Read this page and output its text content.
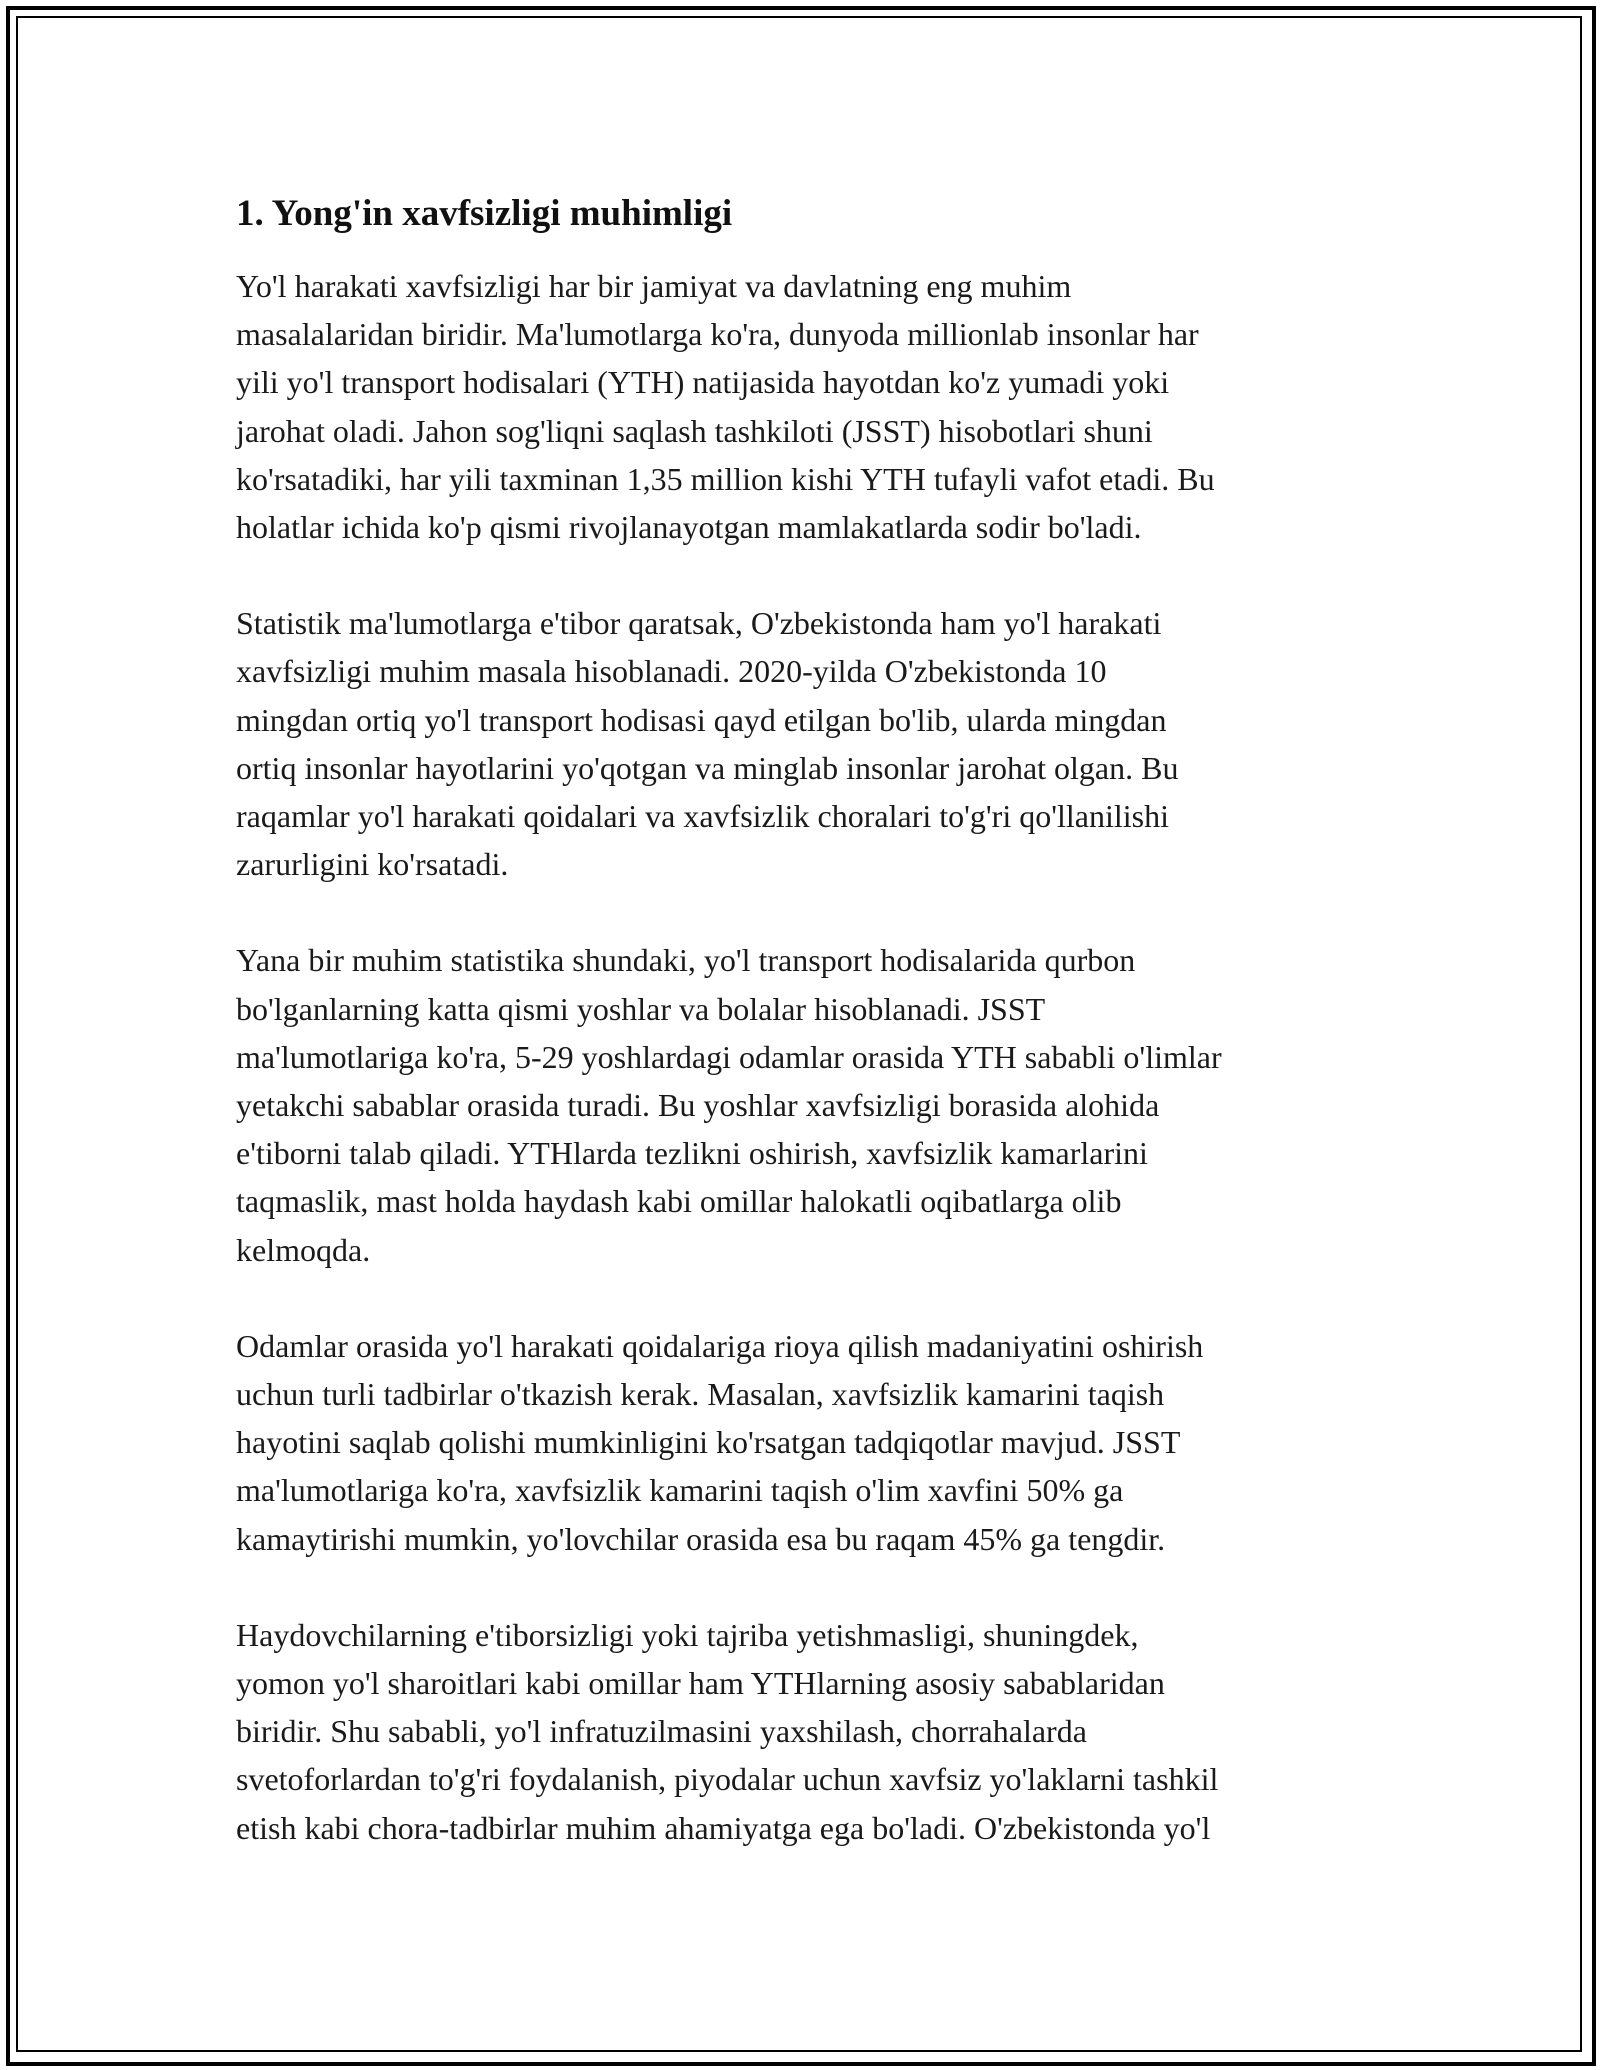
1. Yong'in xavfsizligi muhimligi
Yo'l harakati xavfsizligi har bir jamiyat va davlatning eng muhim
masalalaridan biridir. Ma'lumotlarga ko'ra, dunyoda millionlab insonlar har
yili yo'l transport hodisalari (YTH) natijasida hayotdan ko'z yumadi yoki
jarohat oladi. Jahon sog'liqni saqlash tashkiloti (JSST) hisobotlari shuni
ko'rsatadiki, har yili taxminan 1,35 million kishi YTH tufayli vafot etadi. Bu
holatlar ichida ko'p qismi rivojlanayotgan mamlakatlarda sodir bo'ladi.
Statistik ma'lumotlarga e'tibor qaratsak, O'zbekistonda ham yo'l harakati
xavfsizligi muhim masala hisoblanadi. 2020-yilda O'zbekistonda 10
mingdan ortiq yo'l transport hodisasi qayd etilgan bo'lib, ularda mingdan
ortiq insonlar hayotlarini yo'qotgan va minglab insonlar jarohat olgan. Bu
raqamlar yo'l harakati qoidalari va xavfsizlik choralari to'g'ri qo'llanilishi
zarurligini ko'rsatadi.
Yana bir muhim statistika shundaki, yo'l transport hodisalarida qurbon
bo'lganlarning katta qismi yoshlar va bolalar hisoblanadi. JSST
ma'lumotlariga ko'ra, 5-29 yoshlardagi odamlar orasida YTH sababli o'limlar
yetakchi sabablar orasida turadi. Bu yoshlar xavfsizligi borasida alohida
e'tiborni talab qiladi. YTHlarda tezlikni oshirish, xavfsizlik kamarlarini
taqmaslik, mast holda haydash kabi omillar halokatli oqibatlarga olib
kelmoqda.
Odamlar orasida yo'l harakati qoidalariga rioya qilish madaniyatini oshirish
uchun turli tadbirlar o'tkazish kerak. Masalan, xavfsizlik kamarini taqish
hayotini saqlab qolishi mumkinligini ko'rsatgan tadqiqotlar mavjud. JSST
ma'lumotlariga ko'ra, xavfsizlik kamarini taqish o'lim xavfini 50% ga
kamaytirishi mumkin, yo'lovchilar orasida esa bu raqam 45% ga tengdir.
Haydovchilarning e'tiborsizligi yoki tajriba yetishmasligi, shuningdek,
yomon yo'l sharoitlari kabi omillar ham YTHlarning asosiy sabablaridan
biridir. Shu sababli, yo'l infratuzilmasini yaxshilash, chorrahalarda
svetoforlardan to'g'ri foydalanish, piyodalar uchun xavfsiz yo'laklarni tashkil
etish kabi chora-tadbirlar muhim ahamiyatga ega bo'ladi. O'zbekistonda yo'l
